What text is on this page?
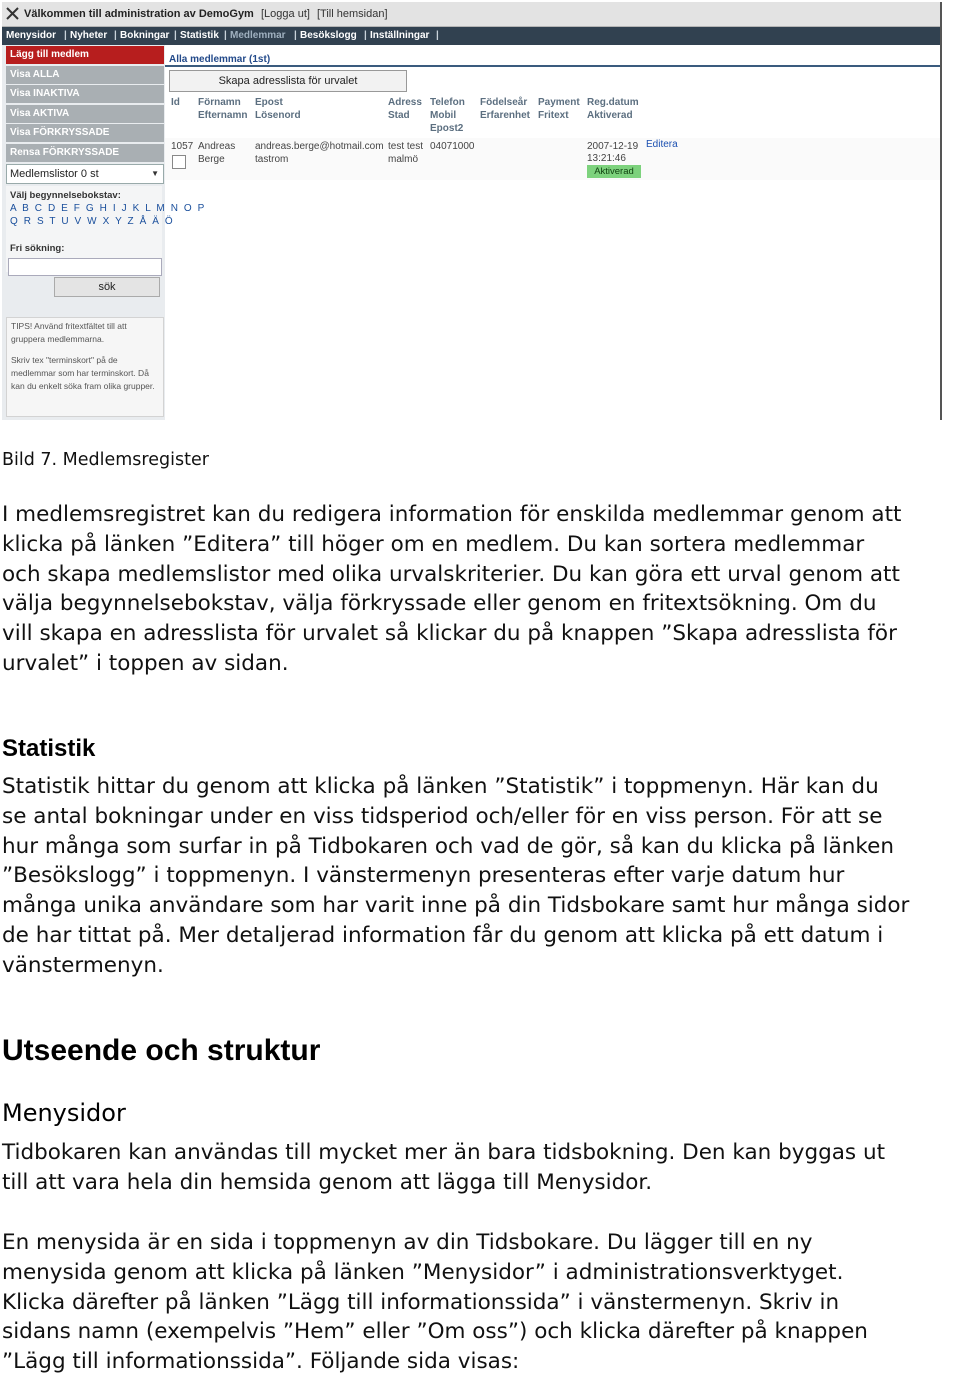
Välkommen till administration av DemoGym [Logga ut] [Till hemsidan]
Menysidor | Nyheter | Bokningar | Statistik | Medlemmar | Besökslogg | Inställningar |
Lägg till medlem
Visa ALLA
Visa INAKTIVA
Visa AKTIVA
Visa FÖRKRYSSADE
Rensa FÖRKRYSSADE
Medlemslistor 0 st	▼
Välj begynnelsebokstav:
A B C D E F G H I J K L M N O P
Q R S T U V W X Y Z Å Ä Ö
Fri sökning:
sök

TIPS! Använd fritextfältet till att gruppera medlemmarna.

Skriv tex "terminskort" på de medlemmar som har terminskort. Då kan du enkelt söka fram olika grupper.

Alla medlemmar (1st)
Skapa adresslista för urvalet
Id Förnamn
Efternamn
Epost
Lösenord
Adress
Stad
Telefon
Mobil
Epost2
Födelseår
Erfarenhet
Payment
Fritext
Reg.datum
Aktiverad
1057 Andreas
Berge
andreas.berge@hotmail.com
tastrom
test test
malmö
04071000	2007-12-19
13:21:46
Aktiverad
Editera

Bild 7. Medlemsregister

I medlemsregistret kan du redigera information för enskilda medlemmar genom att
klicka på länken ”Editera” till höger om en medlem. Du kan sortera medlemmar
och skapa medlemslistor med olika urvalskriterier. Du kan göra ett urval genom att
välja begynnelsebokstav, välja förkryssade eller genom en fritextsökning. Om du
vill skapa en adresslista för urvalet så klickar du på knappen ”Skapa adresslista för
urvalet” i toppen av sidan.
Statistik
Statistik hittar du genom att klicka på länken ”Statistik” i toppmenyn. Här kan du
se antal bokningar under en viss tidsperiod och/eller för en viss person. För att se
hur många som surfar in på Tidbokaren och vad de gör, så kan du klicka på länken
”Besökslogg” i toppmenyn. I vänstermenyn presenteras efter varje datum hur
många unika användare som har varit inne på din Tidsbokare samt hur många sidor
de har tittat på. Mer detaljerad information får du genom att klicka på ett datum i
vänstermenyn.
Utseende och struktur
Menysidor
Tidbokaren kan användas till mycket mer än bara tidsbokning. Den kan byggas ut
till att vara hela din hemsida genom att lägga till Menysidor.
En menysida är en sida i toppmenyn av din Tidsbokare. Du lägger till en ny
menysida genom att klicka på länken ”Menysidor” i administrationsverktyget.
Klicka därefter på länken ”Lägg till informationssida” i vänstermenyn. Skriv in
sidans namn (exempelvis ”Hem” eller ”Om oss”) och klicka därefter på knappen
”Lägg till informationssida”. Följande sida visas:
